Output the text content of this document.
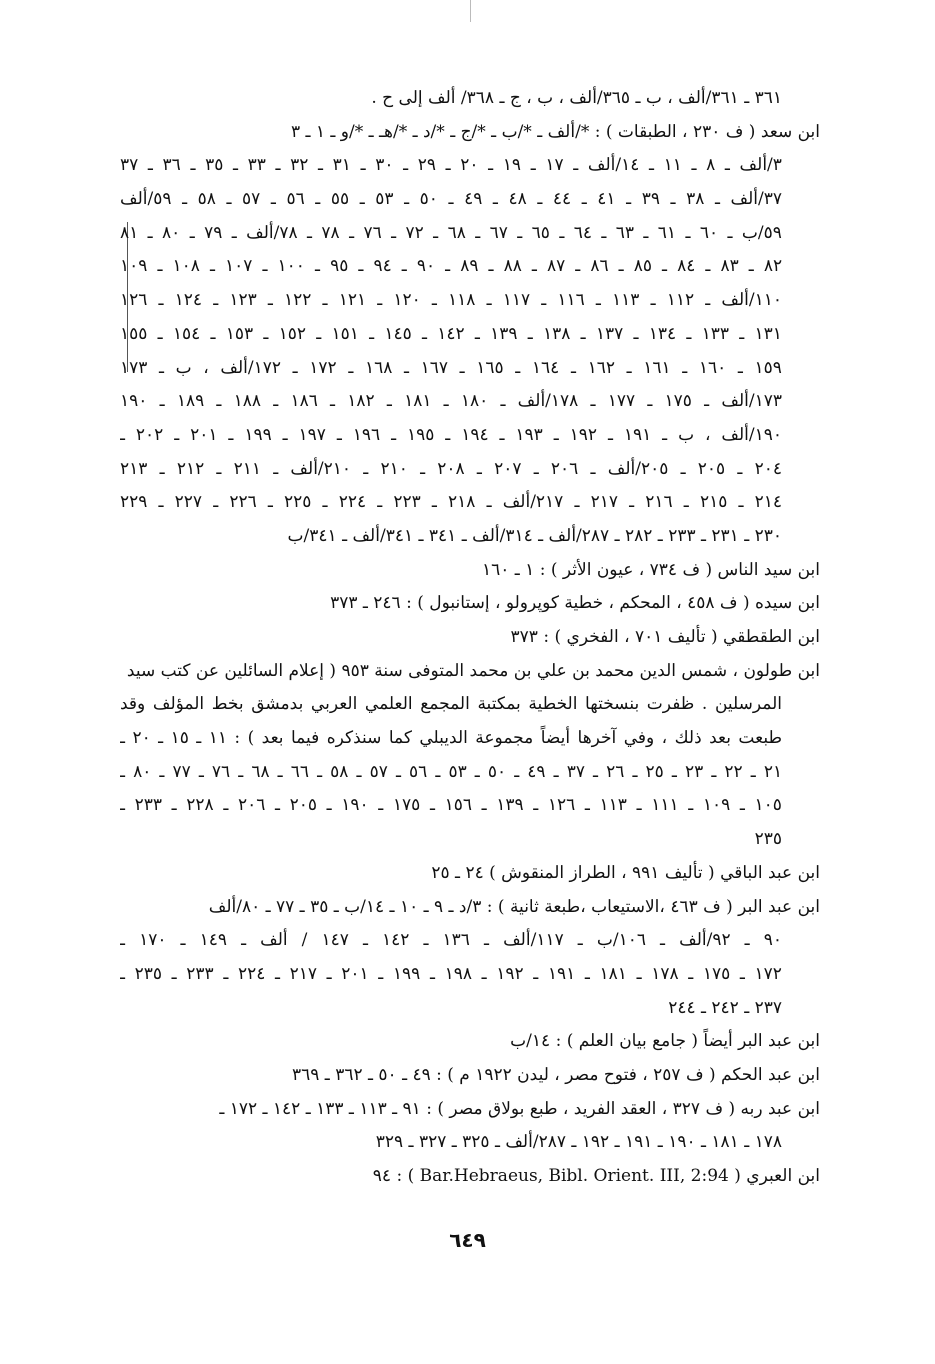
٣٦١ ـ ٣٦١/ألف ، ب ـ ٣٦٥/ألف ، ب ، ج ـ ٣٦٨/ ألف إلى ح .
ابن سعد ( ف ٢٣٠ ، الطبقات ) : *‍/ألف ـ *‍/ب ـ *‍/ج ـ *‍/د ـ *‍/هـ ـ *‍/و ـ ١ ـ ٣
٣/ألف ـ ٨ ـ ١١ ـ ١٤/ألف ـ ١٧ ـ ١٩ ـ ٢٠ ـ ٢٩ ـ ٣٠ ـ ٣١ ـ ٣٢ ـ ٣٣ ـ ٣٥ ـ ٣٦ ـ ٣٧
٣٧/ألف ـ ٣٨ ـ ٣٩ ـ ٤١ ـ ٤٤ ـ ٤٨ ـ ٤٩ ـ ٥٠ ـ ٥٣ ـ ٥٥ ـ ٥٦ ـ ٥٧ ـ ٥٨ ـ ٥٩/ألف
٥٩/ب ـ ٦٠ ـ ٦١ ـ ٦٣ ـ ٦٤ ـ ٦٥ ـ ٦٧ ـ ٦٨ ـ ٧٢ ـ ٧٦ ـ ٧٨ ـ ٧٨/ألف ـ ٧٩ ـ ٨٠ ـ ٨١
٨٢ ـ ٨٣ ـ ٨٤ ـ ٨٥ ـ ٨٦ ـ ٨٧ ـ ٨٨ ـ ٨٩ ـ ٩٠ ـ ٩٤ ـ ٩٥ ـ ١٠٠ ـ ١٠٧ ـ ١٠٨ ـ ١٠٩
١١٠/ألف ـ ١١٢ ـ ١١٣ ـ ١١٦ ـ ١١٧ ـ ١١٨ ـ ١٢٠ ـ ١٢١ ـ ١٢٢ ـ ١٢٣ ـ ١٢٤ ـ ١٢٦
١٣١ ـ ١٣٣ ـ ١٣٤ ـ ١٣٧ ـ ١٣٨ ـ ١٣٩ ـ ١٤٢ ـ ١٤٥ ـ ١٥١ ـ ١٥٢ ـ ١٥٣ ـ ١٥٤ ـ ١٥٥
١٥٩ ـ ١٦٠ ـ ١٦١ ـ ١٦٢ ـ ١٦٤ ـ ١٦٥ ـ ١٦٧ ـ ١٦٨ ـ ١٧٢ ـ ١٧٢/ألف ، ب ـ ١٧٣
١٧٣/ألف ـ ١٧٥ ـ ١٧٧ ـ ١٧٨/ألف ـ ١٨٠ ـ ١٨١ ـ ١٨٢ ـ ١٨٦ ـ ١٨٨ ـ ١٨٩ ـ ١٩٠
١٩٠/ألف ، ب ـ ١٩١ ـ ١٩٢ ـ ١٩٣ ـ ١٩٤ ـ ١٩٥ ـ ١٩٦ ـ ١٩٧ ـ ١٩٩ ـ ٢٠١ ـ ٢٠٢ ـ
٢٠٤ ـ ٢٠٥ ـ ٢٠٥/ألف ـ ٢٠٦ ـ ٢٠٧ ـ ٢٠٨ ـ ٢١٠ ـ ٢١٠/ألف ـ ٢١١ ـ ٢١٢ ـ ٢١٣
٢١٤ ـ ٢١٥ ـ ٢١٦ ـ ٢١٧ ـ ٢١٧/ألف ـ ٢١٨ ـ ٢٢٣ ـ ٢٢٤ ـ ٢٢٥ ـ ٢٢٦ ـ ٢٢٧ ـ ٢٢٩
٢٣٠ ـ ٢٣١ ـ ٢٣٣ ـ ٢٨٢ ـ ٢٨٧/ألف ـ ٣١٤/ألف ـ ٣٤١ ـ ٣٤١/ألف ـ ٣٤١/ب
ابن سيد الناس ( ف ٧٣٤ ، عيون الأثر ) : ١ ـ ١٦٠
ابن سيده ( ف ٤٥٨ ، المحكم ، خطية كوپرولو ، إستانبول ) : ٢٤٦ ـ ٣٧٣
ابن الطقطقي ( تأليف ٧٠١ ، الفخري ) : ٣٧٣
ابن طولون ، شمس الدين محمد بن علي بن محمد المتوفى سنة ٩٥٣ ( إعلام السائلين عن كتب سيد
المرسلين . ظفرت بنسختها الخطية بمكتبة المجمع العلمي العربي بدمشق بخط المؤلف وقد
طبعت بعد ذلك ، وفي آخرها أيضاً مجموعة الديبلي كما سنذكره فيما بعد ) : ١١ ـ ١٥ ـ ٢٠ ـ
٢١ ـ ٢٢ ـ ٢٣ ـ ٢٥ ـ ٢٦ ـ ٣٧ ـ ٤٩ ـ ٥٠ ـ ٥٣ ـ ٥٦ ـ ٥٧ ـ ٥٨ ـ ٦٦ ـ ٦٨ ـ ٧٦ ـ ٧٧ ـ ٨٠ ـ
١٠٥ ـ ١٠٩ ـ ١١١ ـ ١١٣ ـ ١٢٦ ـ ١٣٩ ـ ١٥٦ ـ ١٧٥ ـ ١٩٠ ـ ٢٠٥ ـ ٢٠٦ ـ ٢٢٨ ـ ٢٣٣ ـ
٢٣٥
ابن عبد الباقي ( تأليف ٩٩١ ، الطراز المنقوش ) ٢٤ ـ ٢٥
ابن عبد البر ( ف ٤٦٣ ،الاستيعاب ،طبعة ثانية ) : ٣/د ـ ٩ ـ ١٠ ـ ١٤/ب ـ ٣٥ ـ ٧٧ ـ ٨٠/ألف
٩٠ ـ ٩٢/ألف ـ ١٠٦/ب ـ ١١٧/ألف ـ ١٣٦ ـ ١٤٢ ـ ١٤٧ / ألف ـ ١٤٩ ـ ١٧٠ ـ
١٧٢ ـ ١٧٥ ـ ١٧٨ ـ ١٨١ ـ ١٩١ ـ ١٩٢ ـ ١٩٨ ـ ١٩٩ ـ ٢٠١ ـ ٢١٧ ـ ٢٢٤ ـ ٢٣٣ ـ ٢٣٥ ـ
٢٣٧ ـ ٢٤٢ ـ ٢٤٤
ابن عبد البر أيضاً ( جامع بيان العلم ) : ١٤/ب
ابن عبد الحكم ( ف ٢٥٧ ، فتوح مصر ، ليدن ١٩٢٢ م ) : ٤٩ ـ ٥٠ ـ ٣٦٢ ـ ٣٦٩
ابن عبد ربه ( ف ٣٢٧ ، العقد الفريد ، طبع بولاق مصر ) : ٩١ ـ ١١٣ ـ ١٣٣ ـ ١٤٢ ـ ١٧٢ ـ
١٧٨ ـ ١٨١ ـ ١٩٠ ـ ١٩١ ـ ١٩٢ ـ ٢٨٧/ألف ـ ٣٢٥ ـ ٣٢٧ ـ ٣٢٩
ابن العبري ( Bar.Hebraeus, Bibl. Orient. III, 2:94 ) : ٩٤
٦٤٩
